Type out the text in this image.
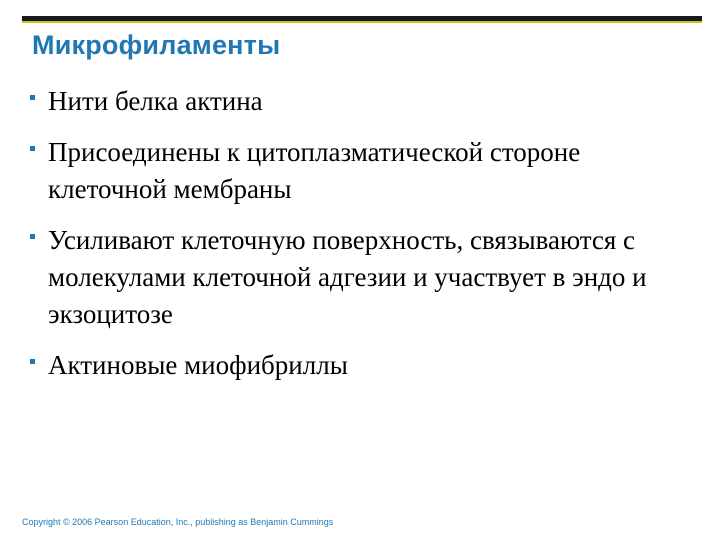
Микрофиламенты
Нити белка актина
Присоединены к цитоплазматической стороне клеточной мембраны
Усиливают клеточную поверхность, связываются с молекулами клеточной адгезии и участвует в эндо и экзоцитозе
Актиновые миофибриллы
Copyright © 2006 Pearson Education, Inc., publishing as Benjamin Cummings
